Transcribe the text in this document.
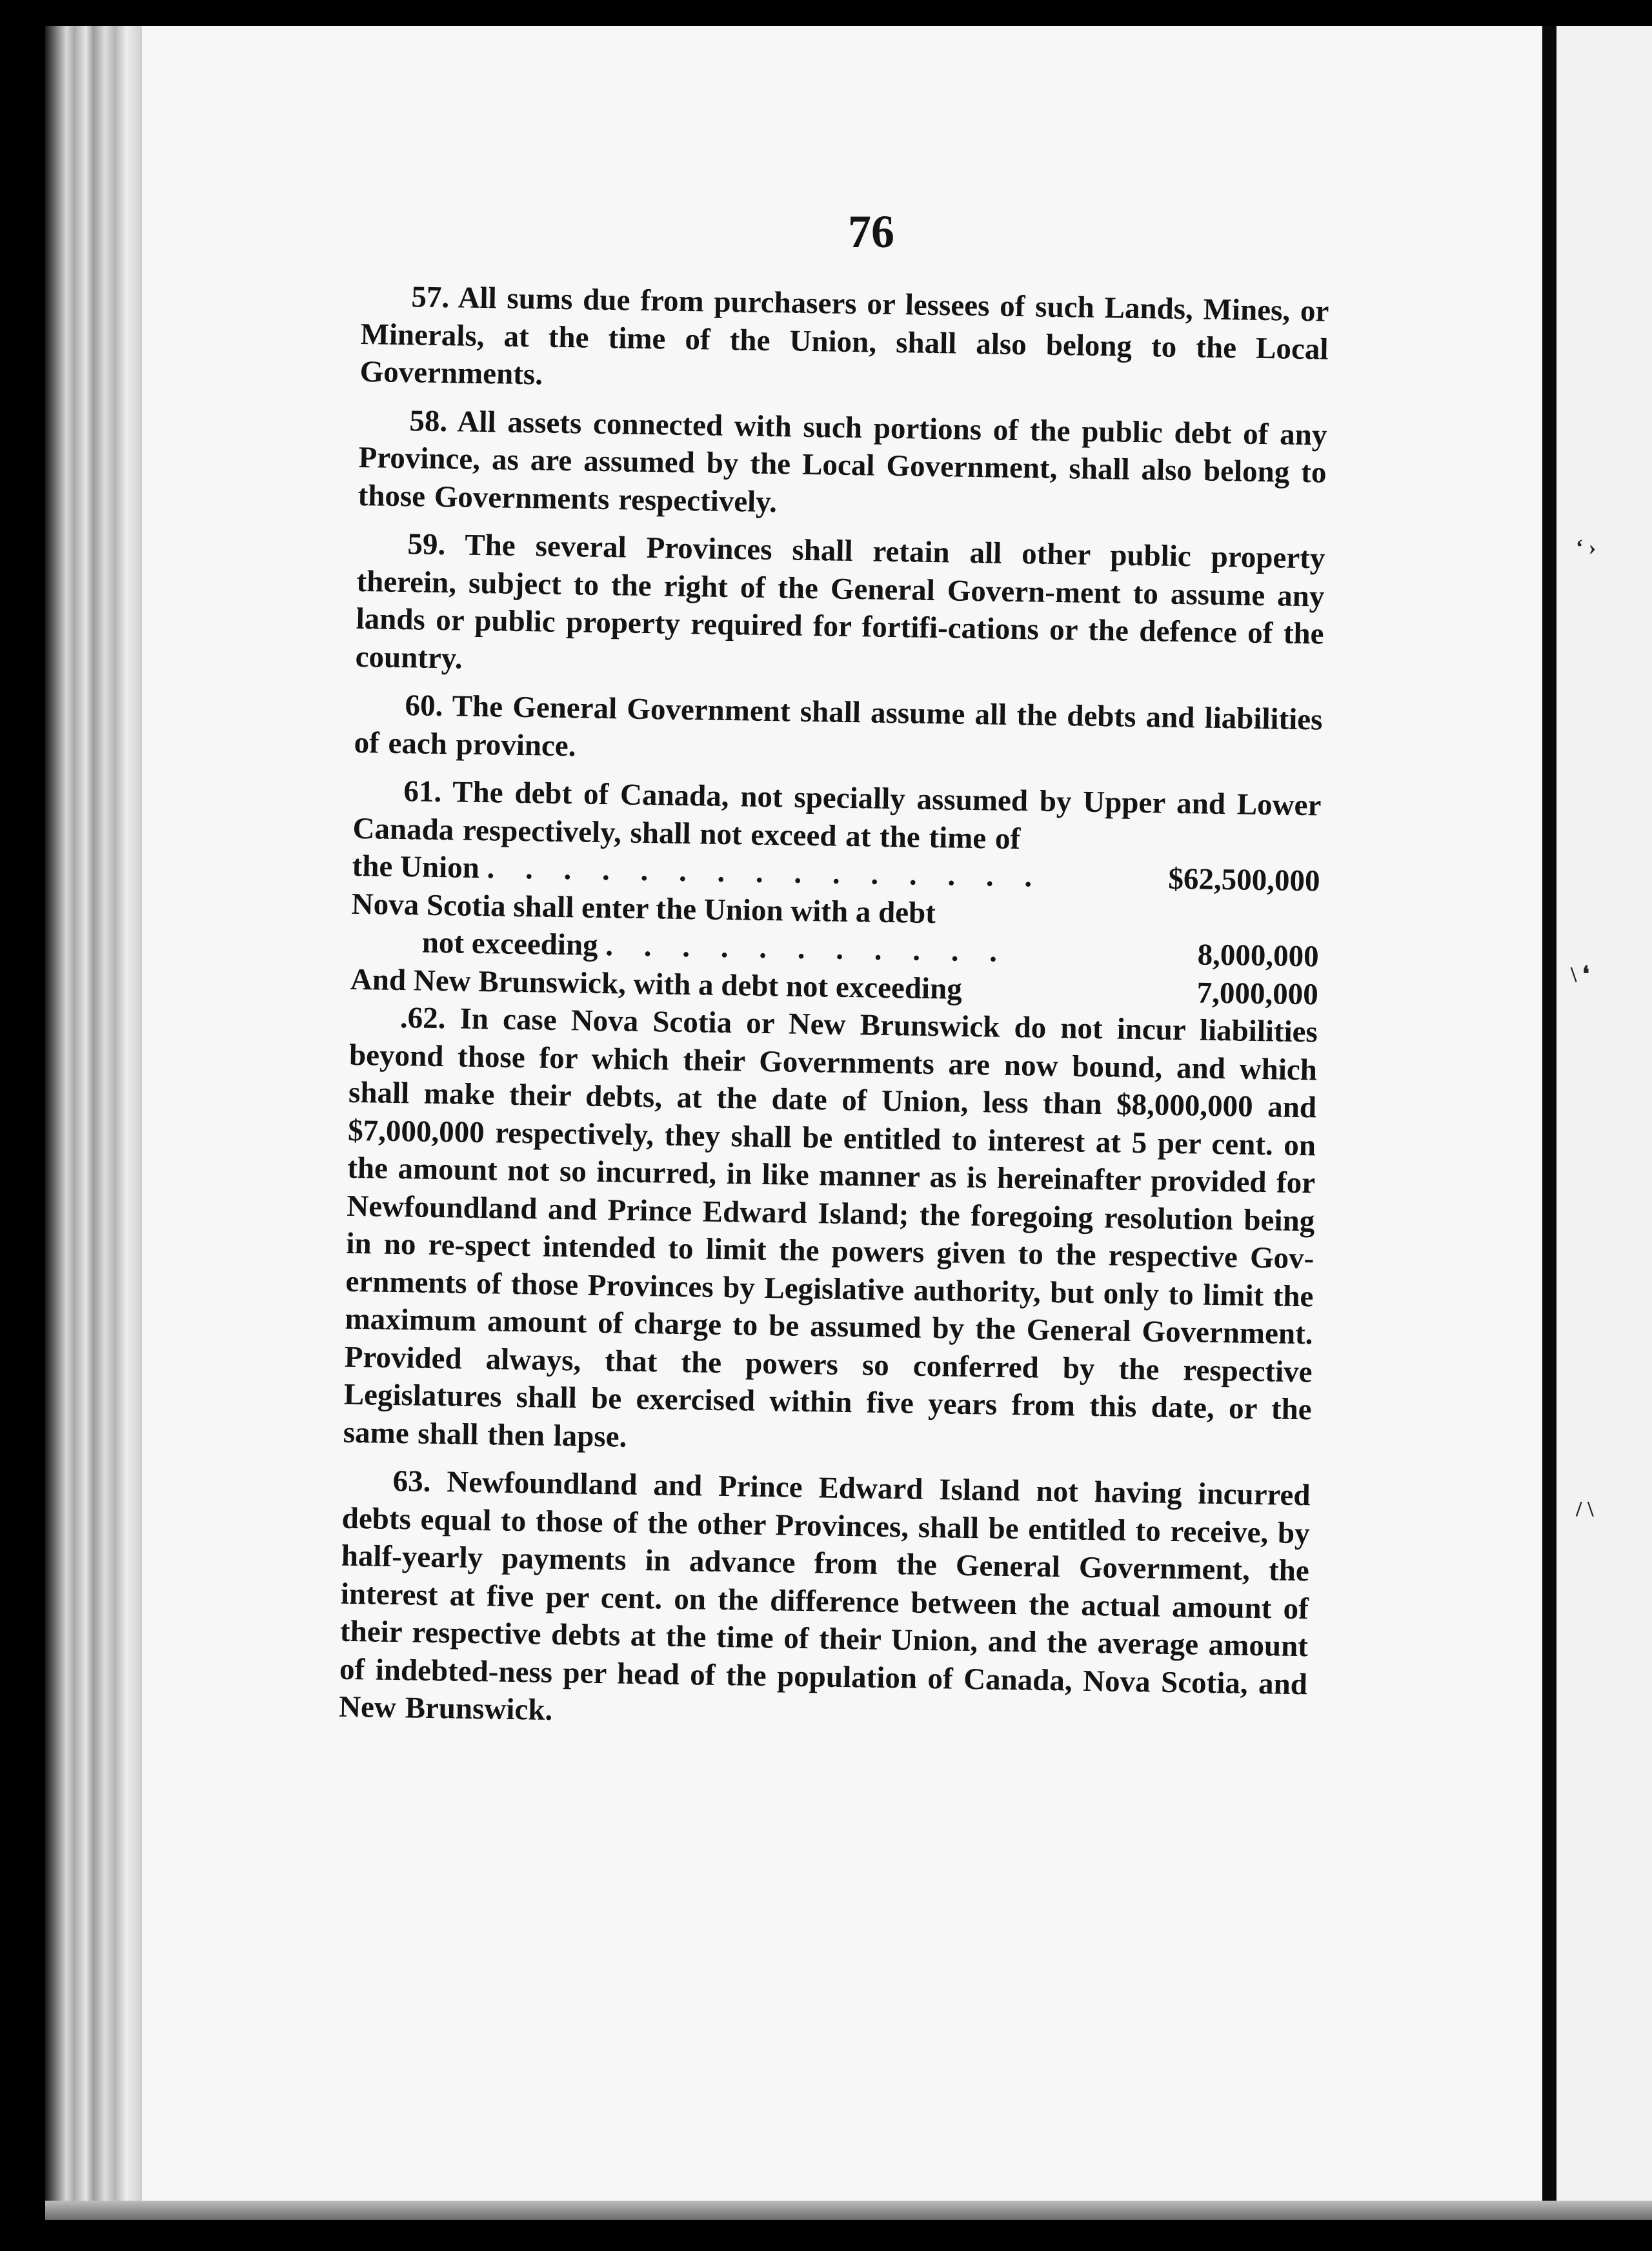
‘ ›
\ ❛
/ \
76

57. All sums due from purchasers or lessees of such Lands, Mines, or Minerals, at the time of the Union, shall also belong to the Local Governments.

58. All assets connected with such portions of the public debt of any Province, as are assumed by the Local Government, shall also belong to those Governments respectively.

59. The several Provinces shall retain all other public property therein, subject to the right of the General Govern-ment to assume any lands or public property required for fortifi-cations or the defence of the country.

60. The General Government shall assume all the debts and liabilities of each province.

61. The debt of Canada, not specially assumed by Upper and Lower Canada respectively, shall not exceed at the time of

the Union . . . . . . . . . . . . . . .	$62,500,000
Nova Scotia shall enter the Union with a debt
not exceeding . . . . . . . . . . .	8,000,000
And New Brunswick, with a debt not exceeding	7,000,000

.62. In case Nova Scotia or New Brunswick do not incur liabilities beyond those for which their Governments are now bound, and which shall make their debts, at the date of Union, less than $8,000,000 and $7,000,000 respectively, they shall be entitled to interest at 5 per cent. on the amount not so incurred, in like manner as is hereinafter provided for Newfoundland and Prince Edward Island; the foregoing resolution being in no re-spect intended to limit the powers given to the respective Gov-ernments of those Provinces by Legislative authority, but only to limit the maximum amount of charge to be assumed by the General Government. Provided always, that the powers so conferred by the respective Legislatures shall be exercised within five years from this date, or the same shall then lapse.

63. Newfoundland and Prince Edward Island not having incurred debts equal to those of the other Provinces, shall be entitled to receive, by half-yearly payments in advance from the General Government, the interest at five per cent. on the difference between the actual amount of their respective debts at the time of their Union, and the average amount of indebted-ness per head of the population of Canada, Nova Scotia, and New Brunswick.
